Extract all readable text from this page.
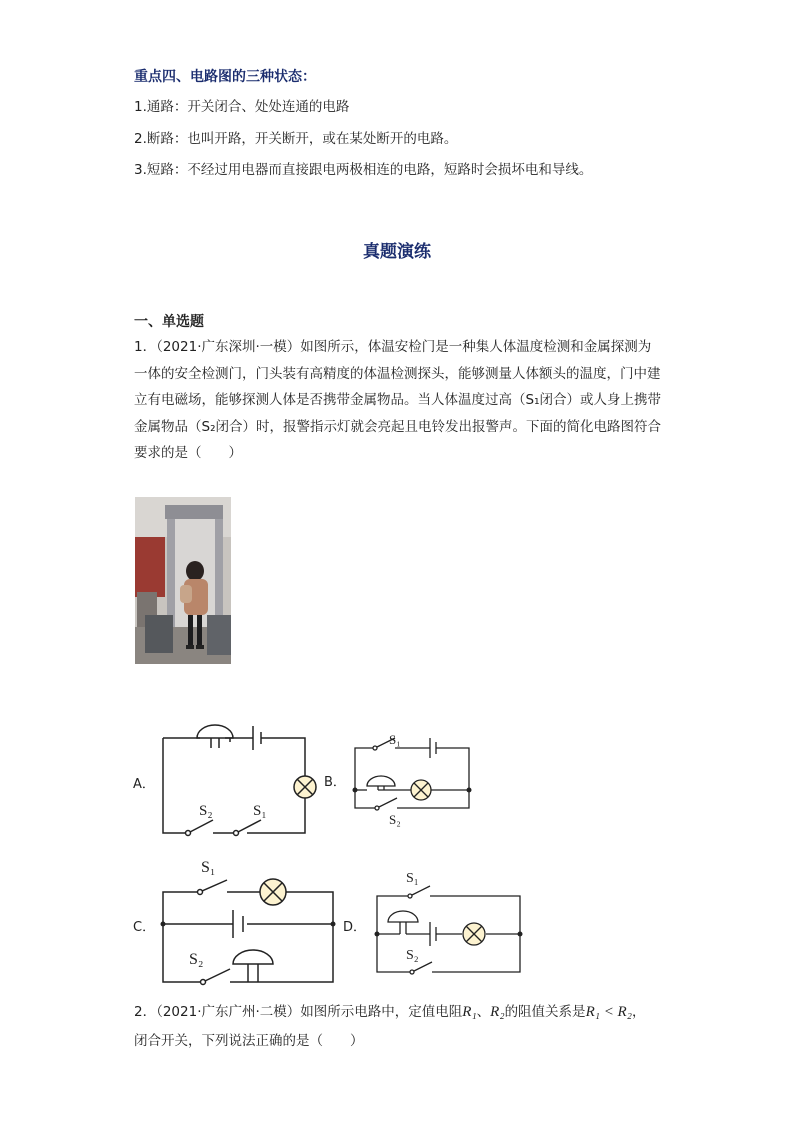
重点四、电路图的三种状态：
1.通路：开关闭合、处处连通的电路
2.断路：也叫开路，开关断开，或在某处断开的电路。
3.短路：不经过用电器而直接跟电两极相连的电路，短路时会损坏电和导线。
真题演练
一、单选题
1．（2021·广东深圳·一模）如图所示，体温安检门是一种集人体温度检测和金属探测为一体的安全检测门，门头装有高精度的体温检测探头，能够测量人体额头的温度，门中建立有电磁场，能够探测人体是否携带金属物品。当人体温度过高（S₁闭合）或人身上携带金属物品（S₂闭合）时，报警指示灯就会亮起且电铃发出报警声。下面的简化电路图符合要求的是（　　）
A．	B．
C．	D．
S₂	S₁
S₁
S₂
S₁
S₂
S₁
S₂
2．（2021·广东广州·二模）如图所示电路中，定值电阻R₁、R₂的阻值关系是R₁ < R₂，
闭合开关，下列说法正确的是（　　）
